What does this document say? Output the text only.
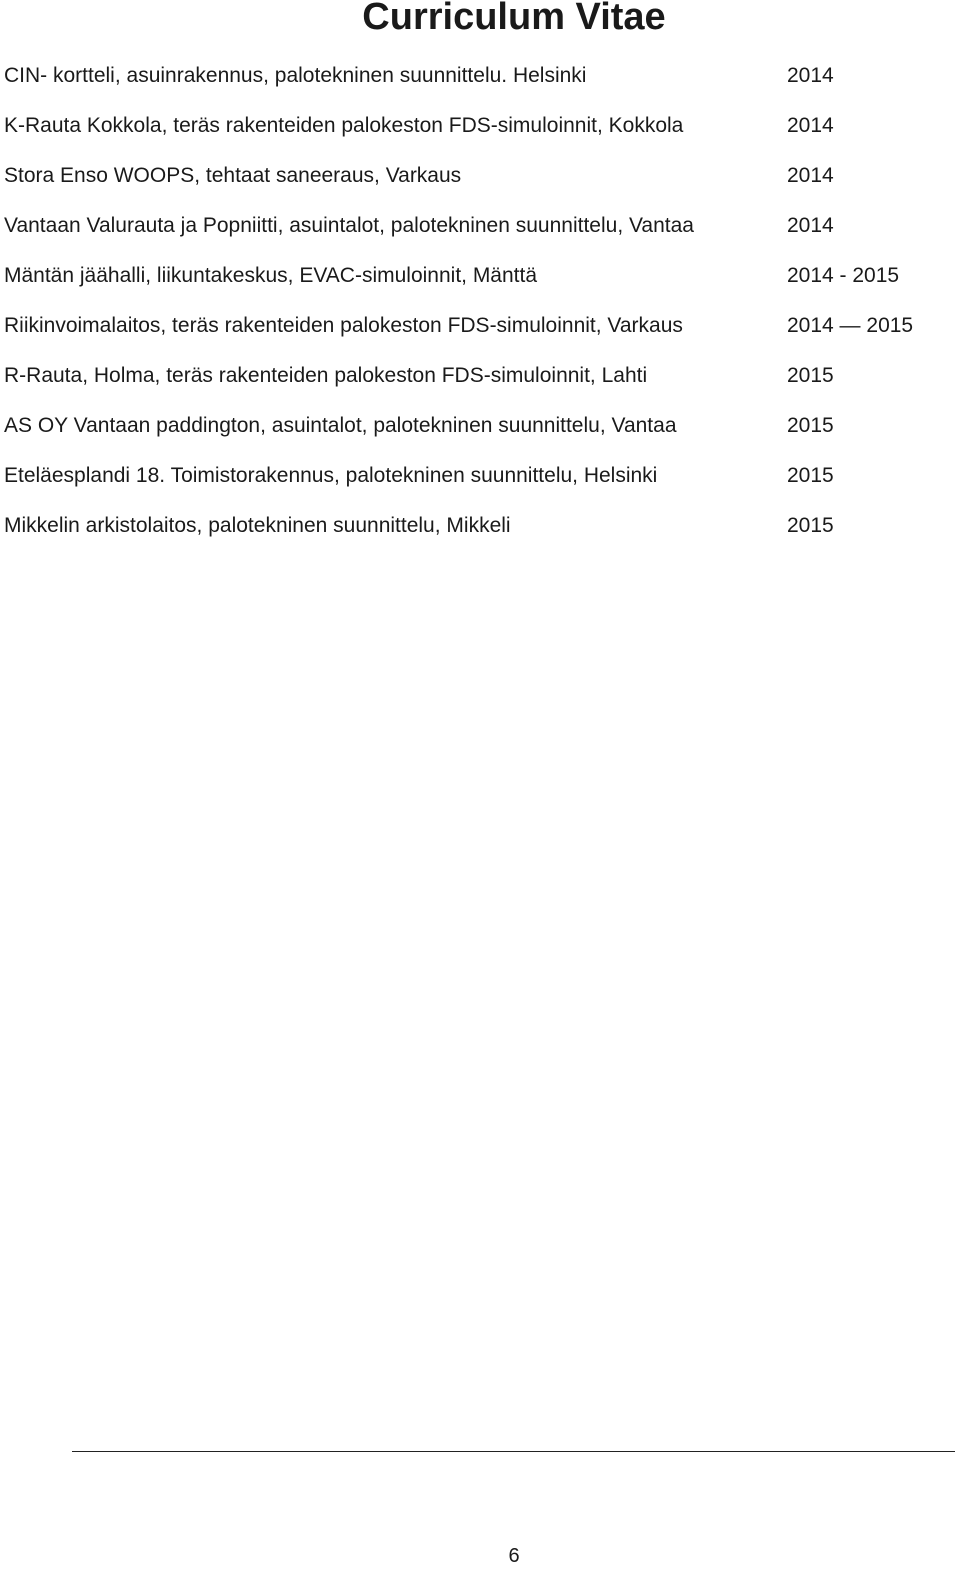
Curriculum Vitae
CIN- kortteli, asuinrakennus, palotekninen suunnittelu. Helsinki	2014
K-Rauta Kokkola, teräs rakenteiden palokeston FDS-simuloinnit, Kokkola	2014
Stora Enso WOOPS, tehtaat saneeraus, Varkaus	2014
Vantaan Valurauta ja Popniitti, asuintalot, palotekninen suunnittelu, Vantaa	2014
Mäntän jäähalli, liikuntakeskus, EVAC-simuloinnit, Mänttä	2014 - 2015
Riikinvoimalaitos, teräs rakenteiden palokeston FDS-simuloinnit, Varkaus	2014 — 2015
R-Rauta, Holma, teräs rakenteiden palokeston FDS-simuloinnit, Lahti	2015
AS OY Vantaan paddington, asuintalot, palotekninen suunnittelu, Vantaa	2015
Eteläesplandi 18. Toimistorakennus, palotekninen suunnittelu, Helsinki	2015
Mikkelin arkistolaitos, palotekninen suunnittelu, Mikkeli	2015
6
